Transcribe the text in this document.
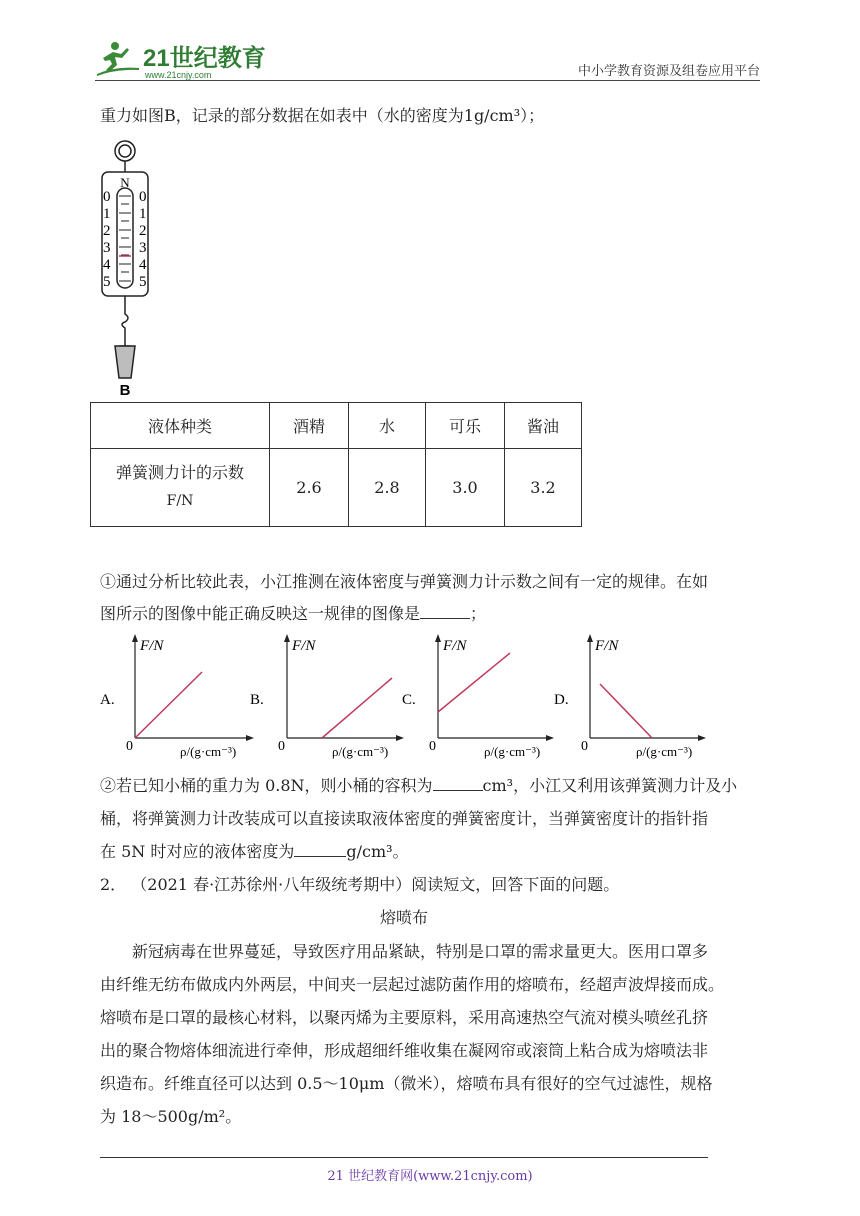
21世纪教育
www.21cnjy.com	中小学教育资源及组卷应用平台
重力如图B，记录的部分数据在如表中（水的密度为1g/cm³）；
N
0
1
2
3
4
5
0
1
2
3
4
5
B
液体种类	酒精	水	可乐	酱油

弹簧测力计的示数
F/N	2.6	2.8	3.0	3.2
①通过分析比较此表，小江推测在液体密度与弹簧测力计示数之间有一定的规律。在如
图所示的图像中能正确反映这一规律的图像是	；
A.
F/N
ρ/(g·cm⁻³)
0
B.
F/N
ρ/(g·cm⁻³)
0
C.
F/N
ρ/(g·cm⁻³)
0
D.
F/N
ρ/(g·cm⁻³)
0
②若已知小桶的重力为 0.8N，则小桶的容积为	cm³，小江又利用该弹簧测力计及小
桶，将弹簧测力计改装成可以直接读取液体密度的弹簧密度计，当弹簧密度计的指针指
在 5N 时对应的液体密度为	g/cm³。
2． （2021 春·江苏徐州·八年级统考期中）阅读短文，回答下面的问题。
熔喷布
新冠病毒在世界蔓延，导致医疗用品紧缺，特别是口罩的需求量更大。医用口罩多
由纤维无纺布做成内外两层，中间夹一层起过滤防菌作用的熔喷布，经超声波焊接而成。
熔喷布是口罩的最核心材料，以聚丙烯为主要原料，采用高速热空气流对模头喷丝孔挤
出的聚合物熔体细流进行牵伸，形成超细纤维收集在凝网帘或滚筒上粘合成为熔喷法非
织造布。纤维直径可以达到 0.5～10μm（微米），熔喷布具有很好的空气过滤性，规格
为 18～500g/m²。
21 世纪教育网(www.21cnjy.com)
